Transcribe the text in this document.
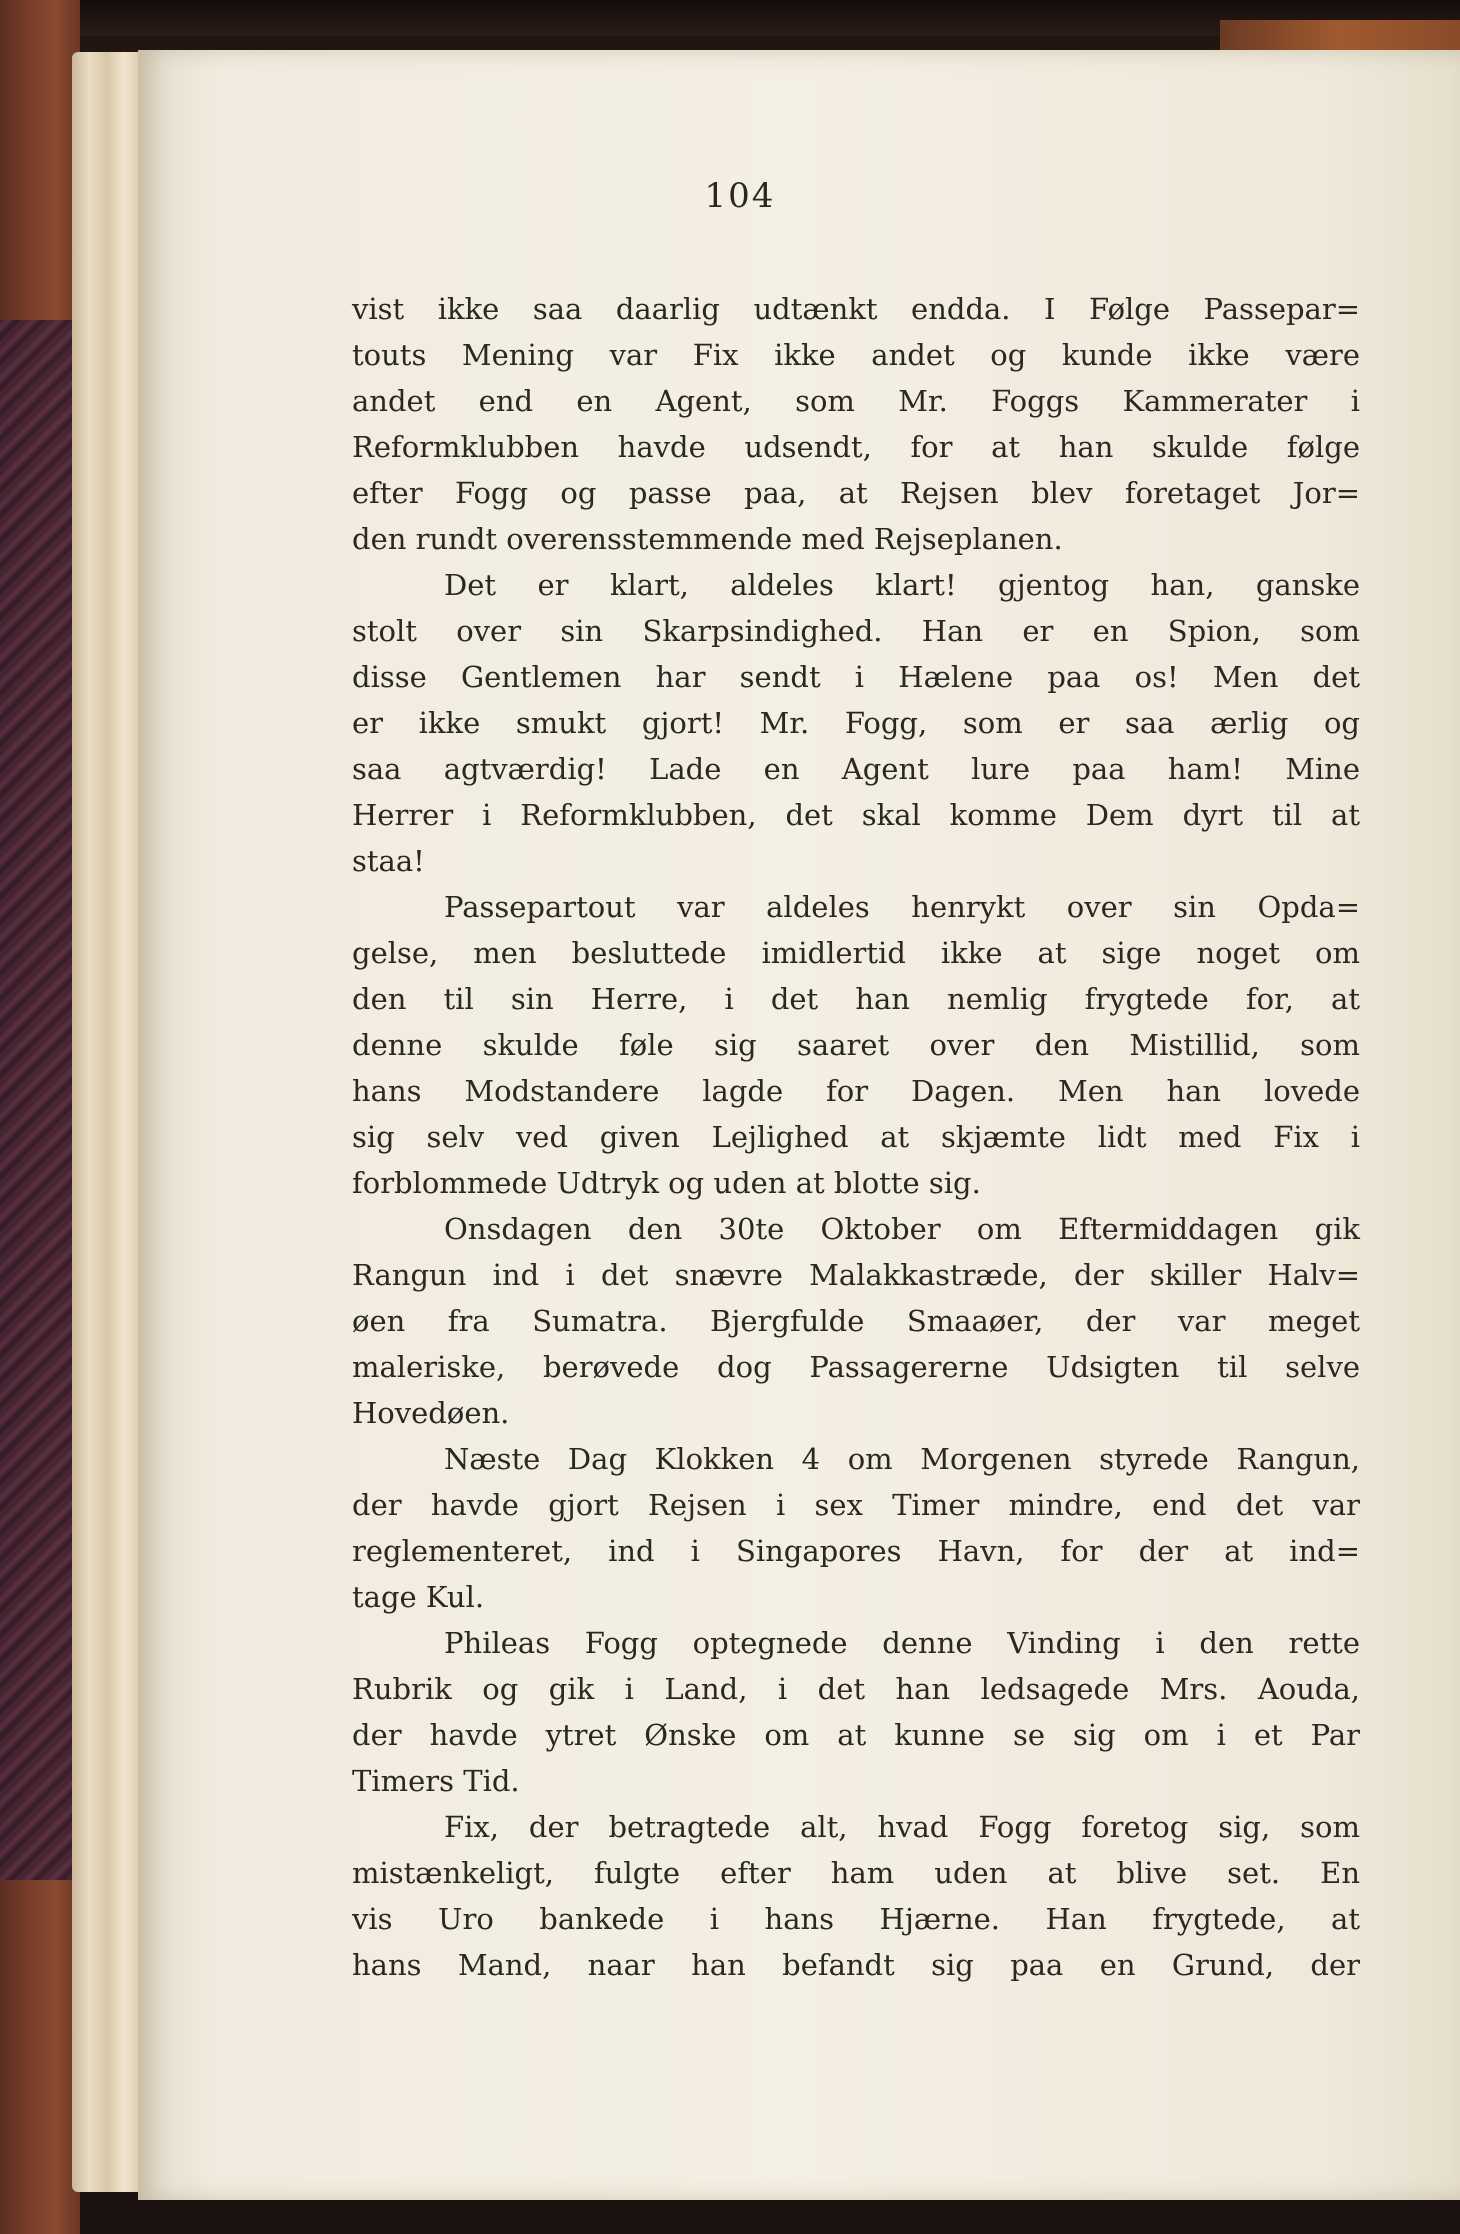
104
vist ikke saa daarlig udtænkt endda. I Følge Passepar=
touts Mening var Fix ikke andet og kunde ikke være
andet end en Agent, som Mr. Foggs Kammerater i
Reformklubben havde udsendt, for at han skulde følge
efter Fogg og passe paa, at Rejsen blev foretaget Jor=
den rundt overensstemmende med Rejseplanen.
Det er klart, aldeles klart! gjentog han, ganske
stolt over sin Skarpsindighed. Han er en Spion, som
disse Gentlemen har sendt i Hælene paa os! Men det
er ikke smukt gjort! Mr. Fogg, som er saa ærlig og
saa agtværdig! Lade en Agent lure paa ham! Mine
Herrer i Reformklubben, det skal komme Dem dyrt til at
staa!
Passepartout var aldeles henrykt over sin Opda=
gelse, men besluttede imidlertid ikke at sige noget om
den til sin Herre, i det han nemlig frygtede for, at
denne skulde føle sig saaret over den Mistillid, som
hans Modstandere lagde for Dagen. Men han lovede
sig selv ved given Lejlighed at skjæmte lidt med Fix i
forblommede Udtryk og uden at blotte sig.
Onsdagen den 30te Oktober om Eftermiddagen gik
Rangun ind i det snævre Malakkastræde, der skiller Halv=
øen fra Sumatra. Bjergfulde Smaaøer, der var meget
maleriske, berøvede dog Passagererne Udsigten til selve
Hovedøen.
Næste Dag Klokken 4 om Morgenen styrede Rangun,
der havde gjort Rejsen i sex Timer mindre, end det var
reglementeret, ind i Singapores Havn, for der at ind=
tage Kul.
Phileas Fogg optegnede denne Vinding i den rette
Rubrik og gik i Land, i det han ledsagede Mrs. Aouda,
der havde ytret Ønske om at kunne se sig om i et Par
Timers Tid.
Fix, der betragtede alt, hvad Fogg foretog sig, som
mistænkeligt, fulgte efter ham uden at blive set. En
vis Uro bankede i hans Hjærne. Han frygtede, at
hans Mand, naar han befandt sig paa en Grund, der
